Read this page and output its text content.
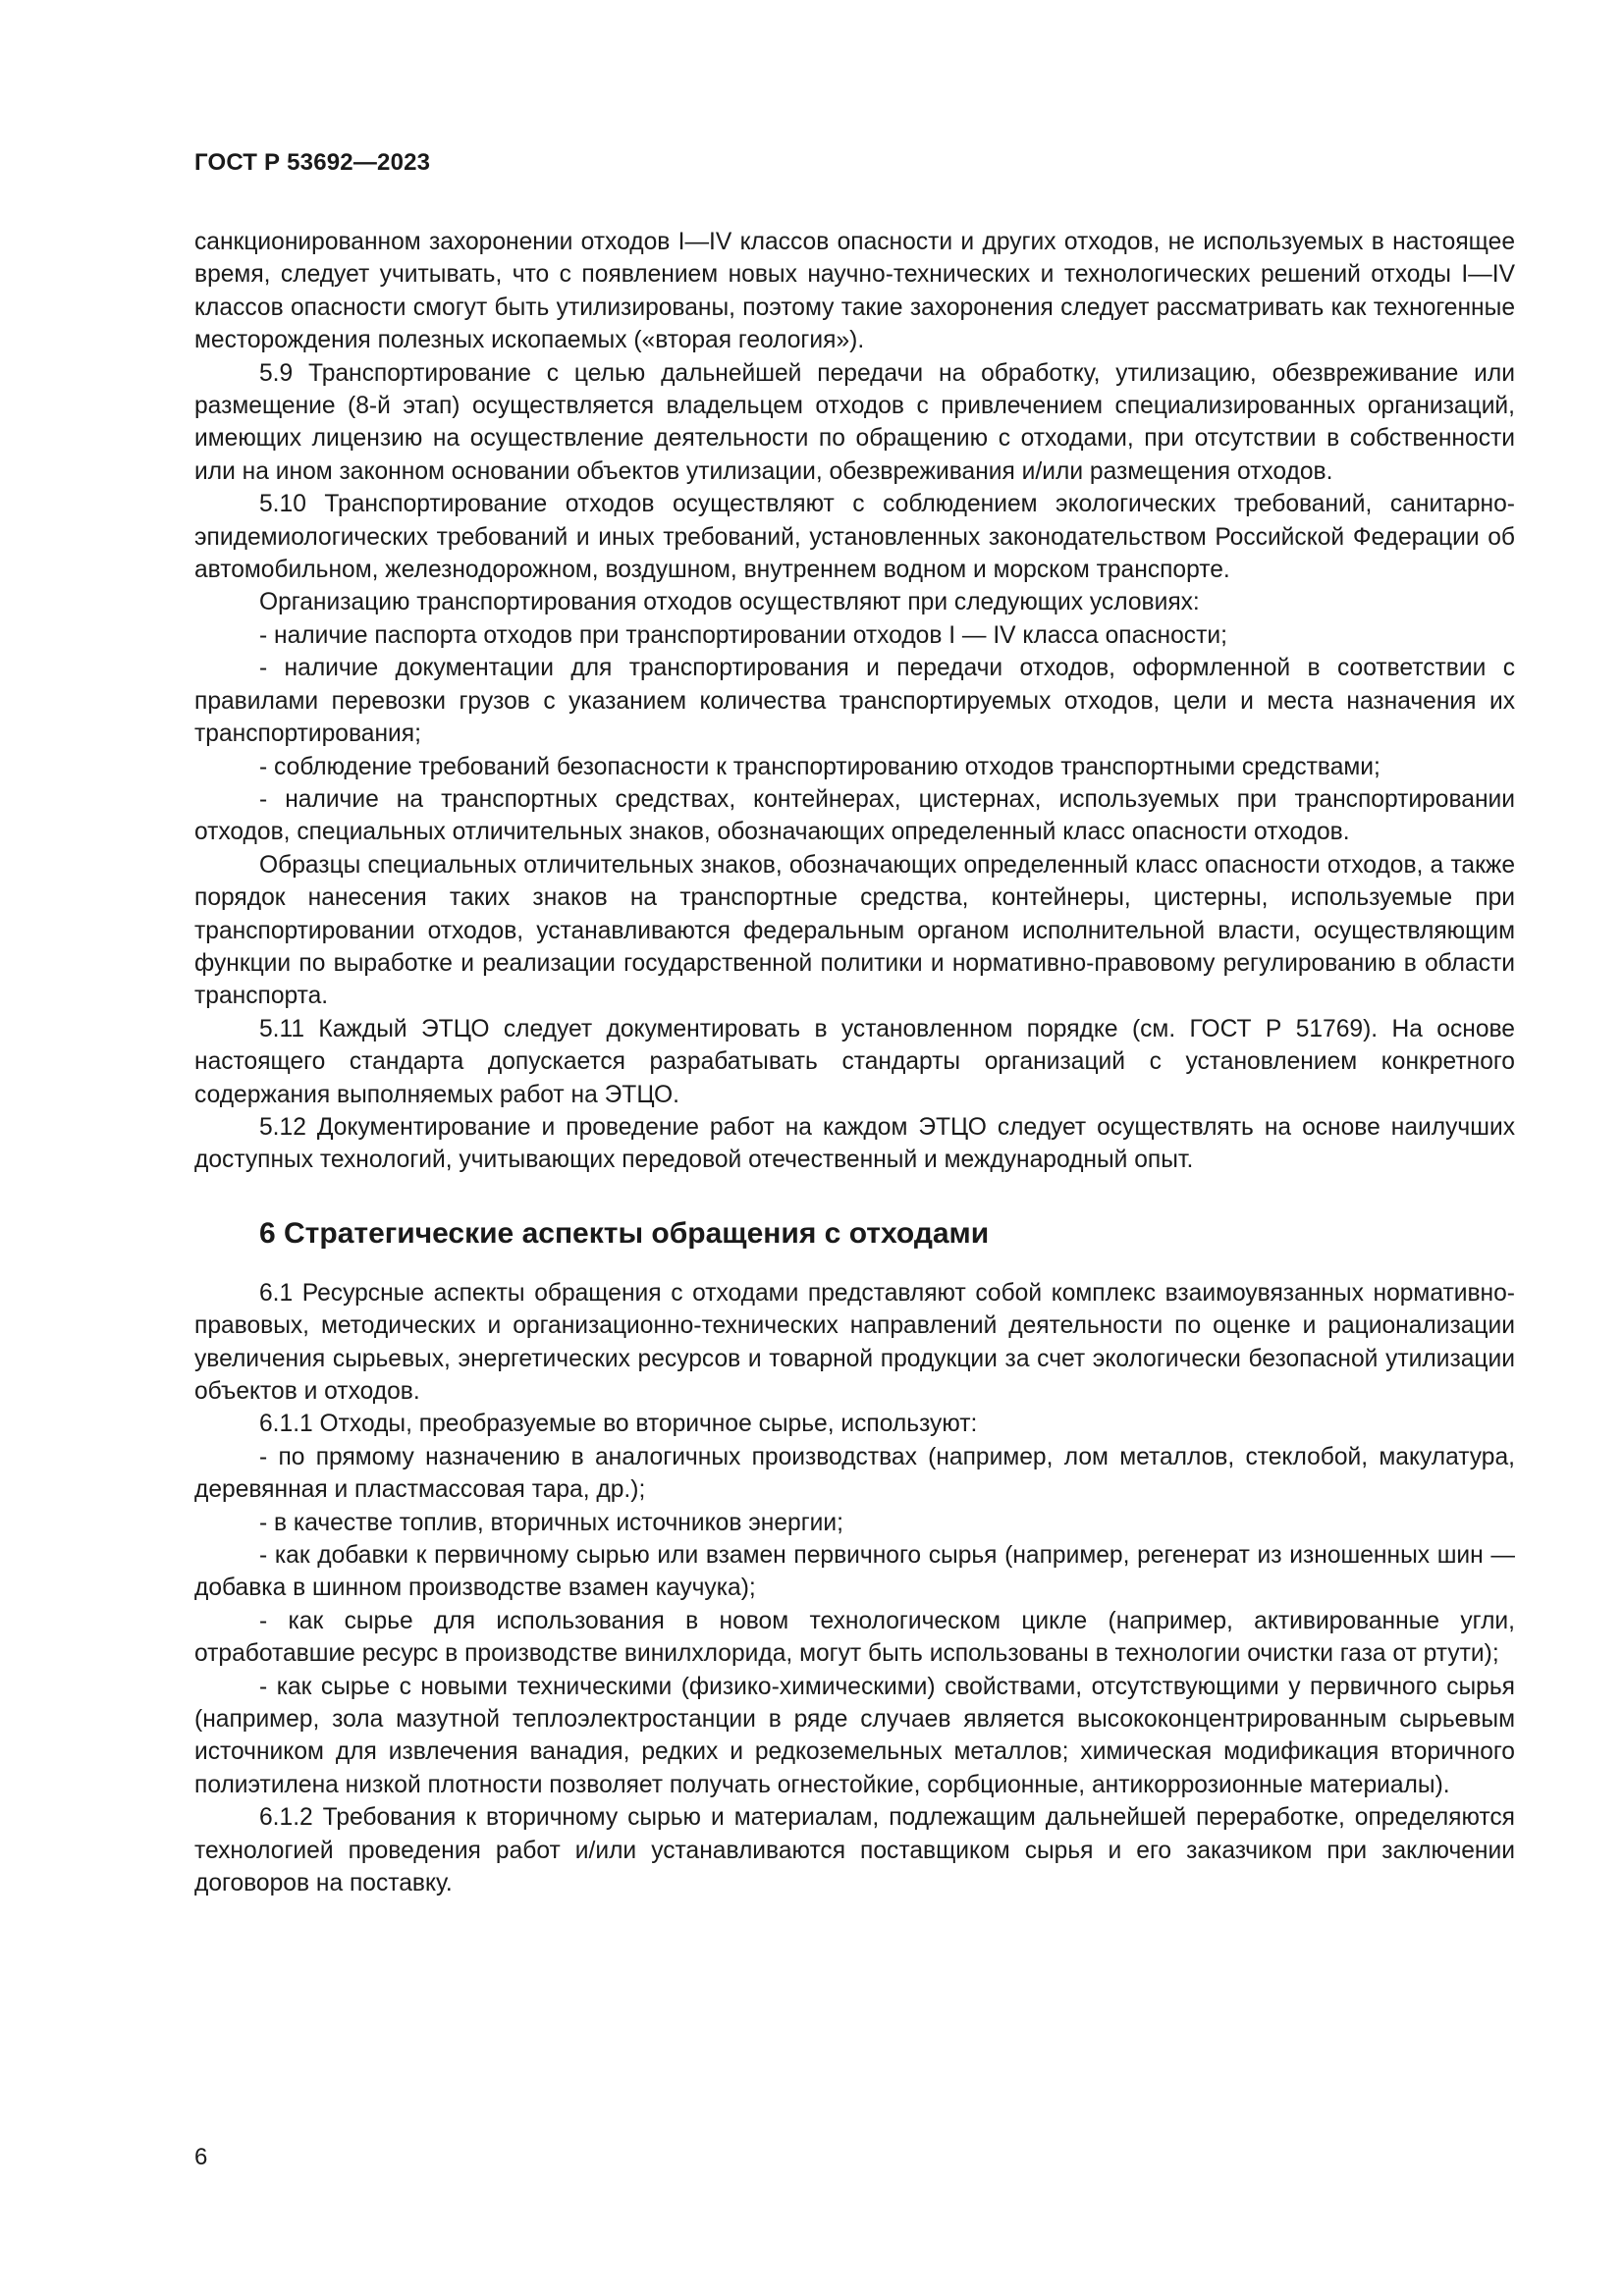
ГОСТ Р 53692—2023

санкционированном захоронении отходов I—IV классов опасности и других отходов, не используемых в настоящее время, следует учитывать, что с появлением новых научно-технических и технологических решений отходы I—IV классов опасности смогут быть утилизированы, поэтому такие захоронения следует рассматривать как техногенные месторождения полезных ископаемых («вторая геология»).

5.9 Транспортирование с целью дальнейшей передачи на обработку, утилизацию, обезвреживание или размещение (8-й этап) осуществляется владельцем отходов с привлечением специализированных организаций, имеющих лицензию на осуществление деятельности по обращению с отходами, при отсутствии в собственности или на ином законном основании объектов утилизации, обезвреживания и/или размещения отходов.

5.10 Транспортирование отходов осуществляют с соблюдением экологических требований, санитарно-эпидемиологических требований и иных требований, установленных законодательством Российской Федерации об автомобильном, железнодорожном, воздушном, внутреннем водном и морском транспорте.

Организацию транспортирования отходов осуществляют при следующих условиях:

- наличие паспорта отходов при транспортировании отходов I — IV класса опасности;

- наличие документации для транспортирования и передачи отходов, оформленной в соответствии с правилами перевозки грузов с указанием количества транспортируемых отходов, цели и места назначения их транспортирования;

- соблюдение требований безопасности к транспортированию отходов транспортными средствами;

- наличие на транспортных средствах, контейнерах, цистернах, используемых при транспортировании отходов, специальных отличительных знаков, обозначающих определенный класс опасности отходов.

Образцы специальных отличительных знаков, обозначающих определенный класс опасности отходов, а также порядок нанесения таких знаков на транспортные средства, контейнеры, цистерны, используемые при транспортировании отходов, устанавливаются федеральным органом исполнительной власти, осуществляющим функции по выработке и реализации государственной политики и нормативно-правовому регулированию в области транспорта.

5.11 Каждый ЭТЦО следует документировать в установленном порядке (см. ГОСТ Р 51769). На основе настоящего стандарта допускается разрабатывать стандарты организаций с установлением конкретного содержания выполняемых работ на ЭТЦО.

5.12 Документирование и проведение работ на каждом ЭТЦО следует осуществлять на основе наилучших доступных технологий, учитывающих передовой отечественный и международный опыт.

6 Стратегические аспекты обращения с отходами

6.1 Ресурсные аспекты обращения с отходами представляют собой комплекс взаимоувязанных нормативно-правовых, методических и организационно-технических направлений деятельности по оценке и рационализации увеличения сырьевых, энергетических ресурсов и товарной продукции за счет экологически безопасной утилизации объектов и отходов.

6.1.1 Отходы, преобразуемые во вторичное сырье, используют:

- по прямому назначению в аналогичных производствах (например, лом металлов, стеклобой, макулатура, деревянная и пластмассовая тара, др.);

- в качестве топлив, вторичных источников энергии;

- как добавки к первичному сырью или взамен первичного сырья (например, регенерат из изношенных шин — добавка в шинном производстве взамен каучука);

- как сырье для использования в новом технологическом цикле (например, активированные угли, отработавшие ресурс в производстве винилхлорида, могут быть использованы в технологии очистки газа от ртути);

- как сырье с новыми техническими (физико-химическими) свойствами, отсутствующими у первичного сырья (например, зола мазутной теплоэлектростанции в ряде случаев является высококонцентрированным сырьевым источником для извлечения ванадия, редких и редкоземельных металлов; химическая модификация вторичного полиэтилена низкой плотности позволяет получать огнестойкие, сорбционные, антикоррозионные материалы).

6.1.2 Требования к вторичному сырью и материалам, подлежащим дальнейшей переработке, определяются технологией проведения работ и/или устанавливаются поставщиком сырья и его заказчиком при заключении договоров на поставку.

6
